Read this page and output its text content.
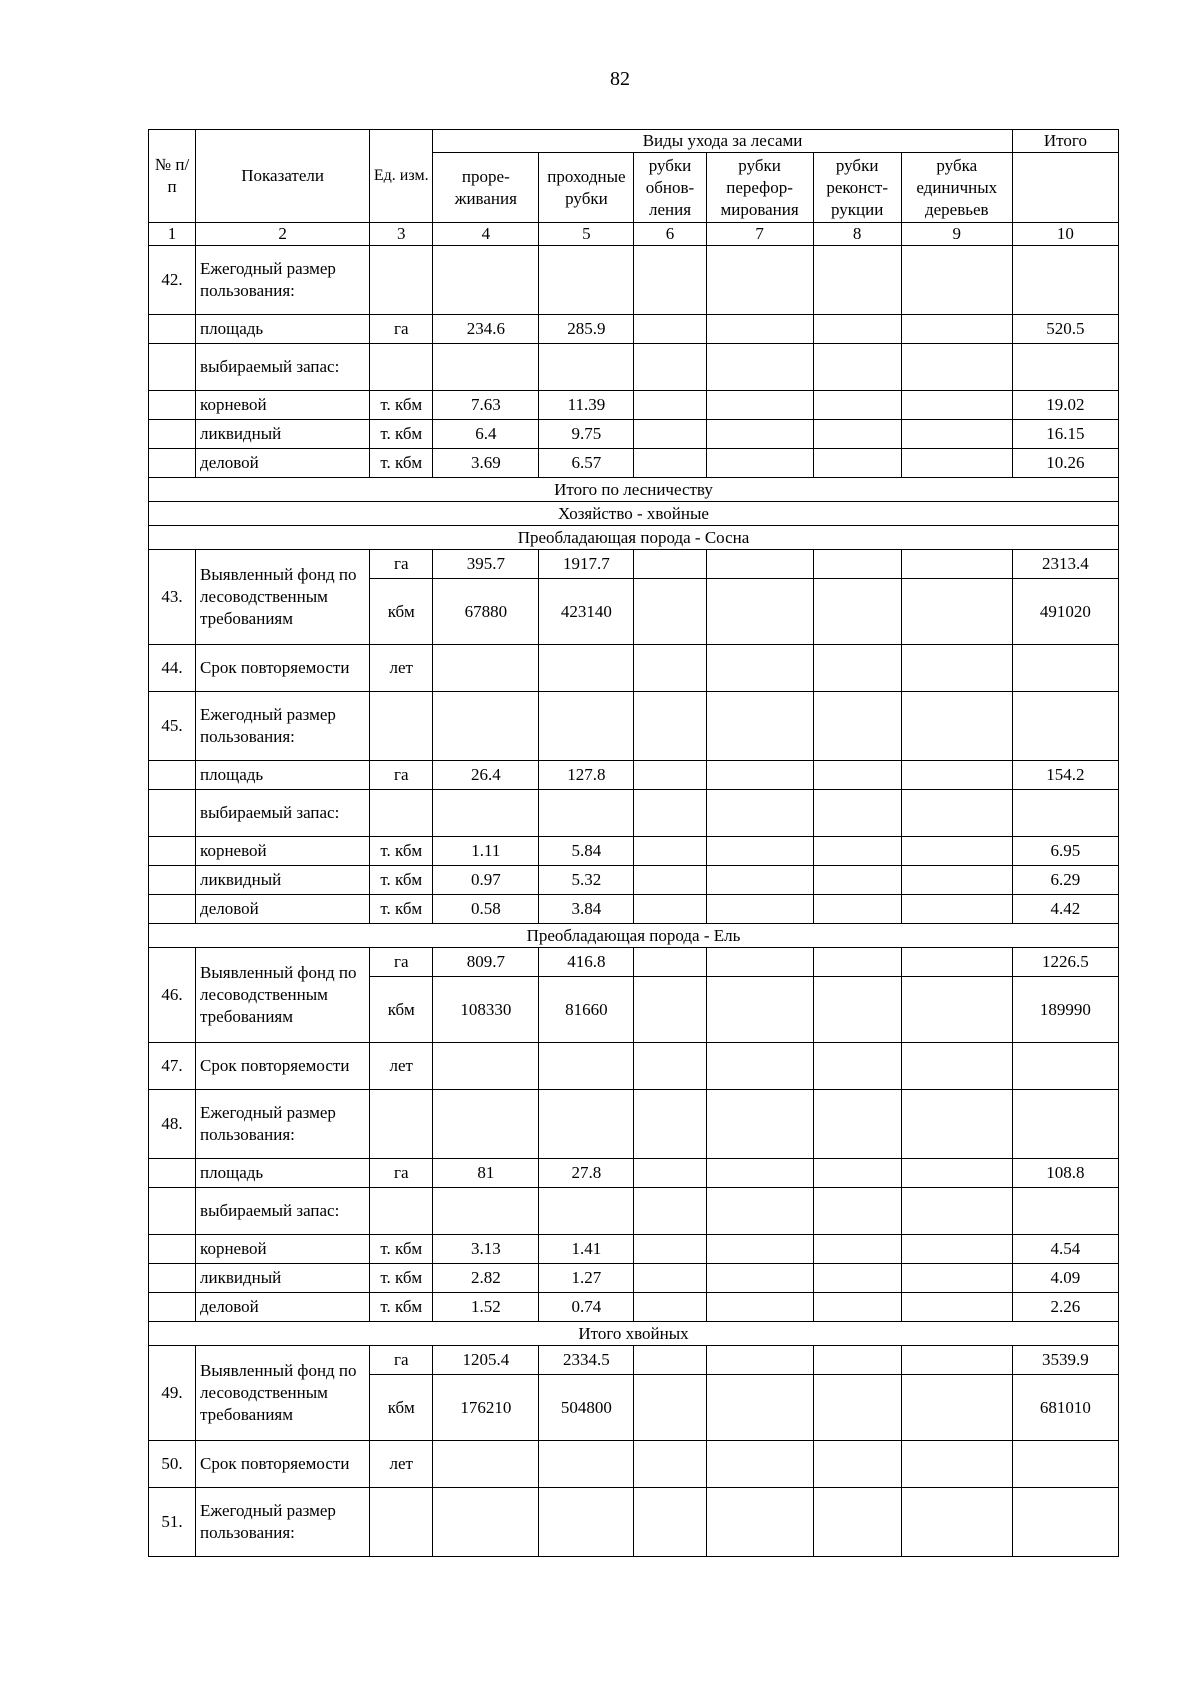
82
№ п/п	Показатели	Ед. изм.	Виды ухода за лесами						Итого
			проре-живания	проходные рубки	рубки обнов-ления	рубки перефор-мирования	рубки реконст-рукции	рубка единичных деревьев	
1	2	3	4	5	6	7	8	9	10
42.	Ежегодный размер пользования:								
	площадь	га	234.6	285.9					520.5
	выбираемый запас:								
	корневой	т. кбм	7.63	11.39					19.02
	ликвидный	т. кбм	6.4	9.75					16.15
	деловой	т. кбм	3.69	6.57					10.26
Итого по лесничеству									
Хозяйство - хвойные									
Преобладающая порода - Сосна									
43.	Выявленный фонд по лесоводственным требованиям	га	395.7	1917.7					2313.4
		кбм	67880	423140					491020
44.	Срок повторяемости	лет							
45.	Ежегодный размер пользования:								
	площадь	га	26.4	127.8					154.2
	выбираемый запас:								
	корневой	т. кбм	1.11	5.84					6.95
	ликвидный	т. кбм	0.97	5.32					6.29
	деловой	т. кбм	0.58	3.84					4.42
Преобладающая порода - Ель									
46.	Выявленный фонд по лесоводственным требованиям	га	809.7	416.8					1226.5
		кбм	108330	81660					189990
47.	Срок повторяемости	лет							
48.	Ежегодный размер пользования:								
	площадь	га	81	27.8					108.8
	выбираемый запас:								
	корневой	т. кбм	3.13	1.41					4.54
	ликвидный	т. кбм	2.82	1.27					4.09
	деловой	т. кбм	1.52	0.74					2.26
Итого хвойных									
49.	Выявленный фонд по лесоводственным требованиям	га	1205.4	2334.5					3539.9
		кбм	176210	504800					681010
50.	Срок повторяемости	лет							
51.	Ежегодный размер пользования:								
